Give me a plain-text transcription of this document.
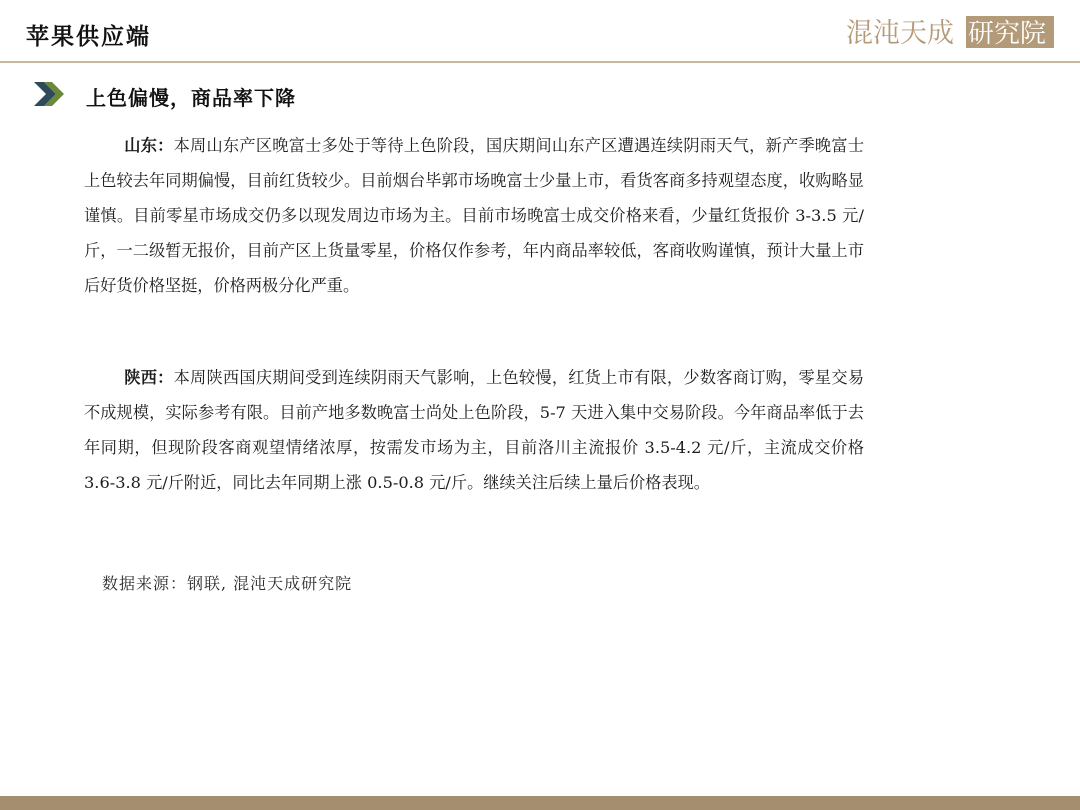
苹果供应端	混沌天成 研究院
上色偏慢，商品率下降
山东：本周山东产区晚富士多处于等待上色阶段，国庆期间山东产区遭遇连续阴雨天气，新产季晚富士上色较去年同期偏慢，目前红货较少。目前烟台毕郭市场晚富士少量上市，看货客商多持观望态度，收购略显谨慎。目前零星市场成交仍多以现发周边市场为主。目前市场晚富士成交价格来看，少量红货报价 3-3.5 元/斤，一二级暂无报价，目前产区上货量零星，价格仅作参考，年内商品率较低，客商收购谨慎，预计大量上市后好货价格坚挺，价格两极分化严重。
陕西：本周陕西国庆期间受到连续阴雨天气影响，上色较慢，红货上市有限，少数客商订购，零星交易不成规模，实际参考有限。目前产地多数晚富士尚处上色阶段，5-7 天进入集中交易阶段。今年商品率低于去年同期，但现阶段客商观望情绪浓厚，按需发市场为主，目前洛川主流报价 3.5-4.2 元/斤，主流成交价格 3.6-3.8 元/斤附近，同比去年同期上涨 0.5-0.8 元/斤。继续关注后续上量后价格表现。
数据来源：钢联, 混沌天成研究院
